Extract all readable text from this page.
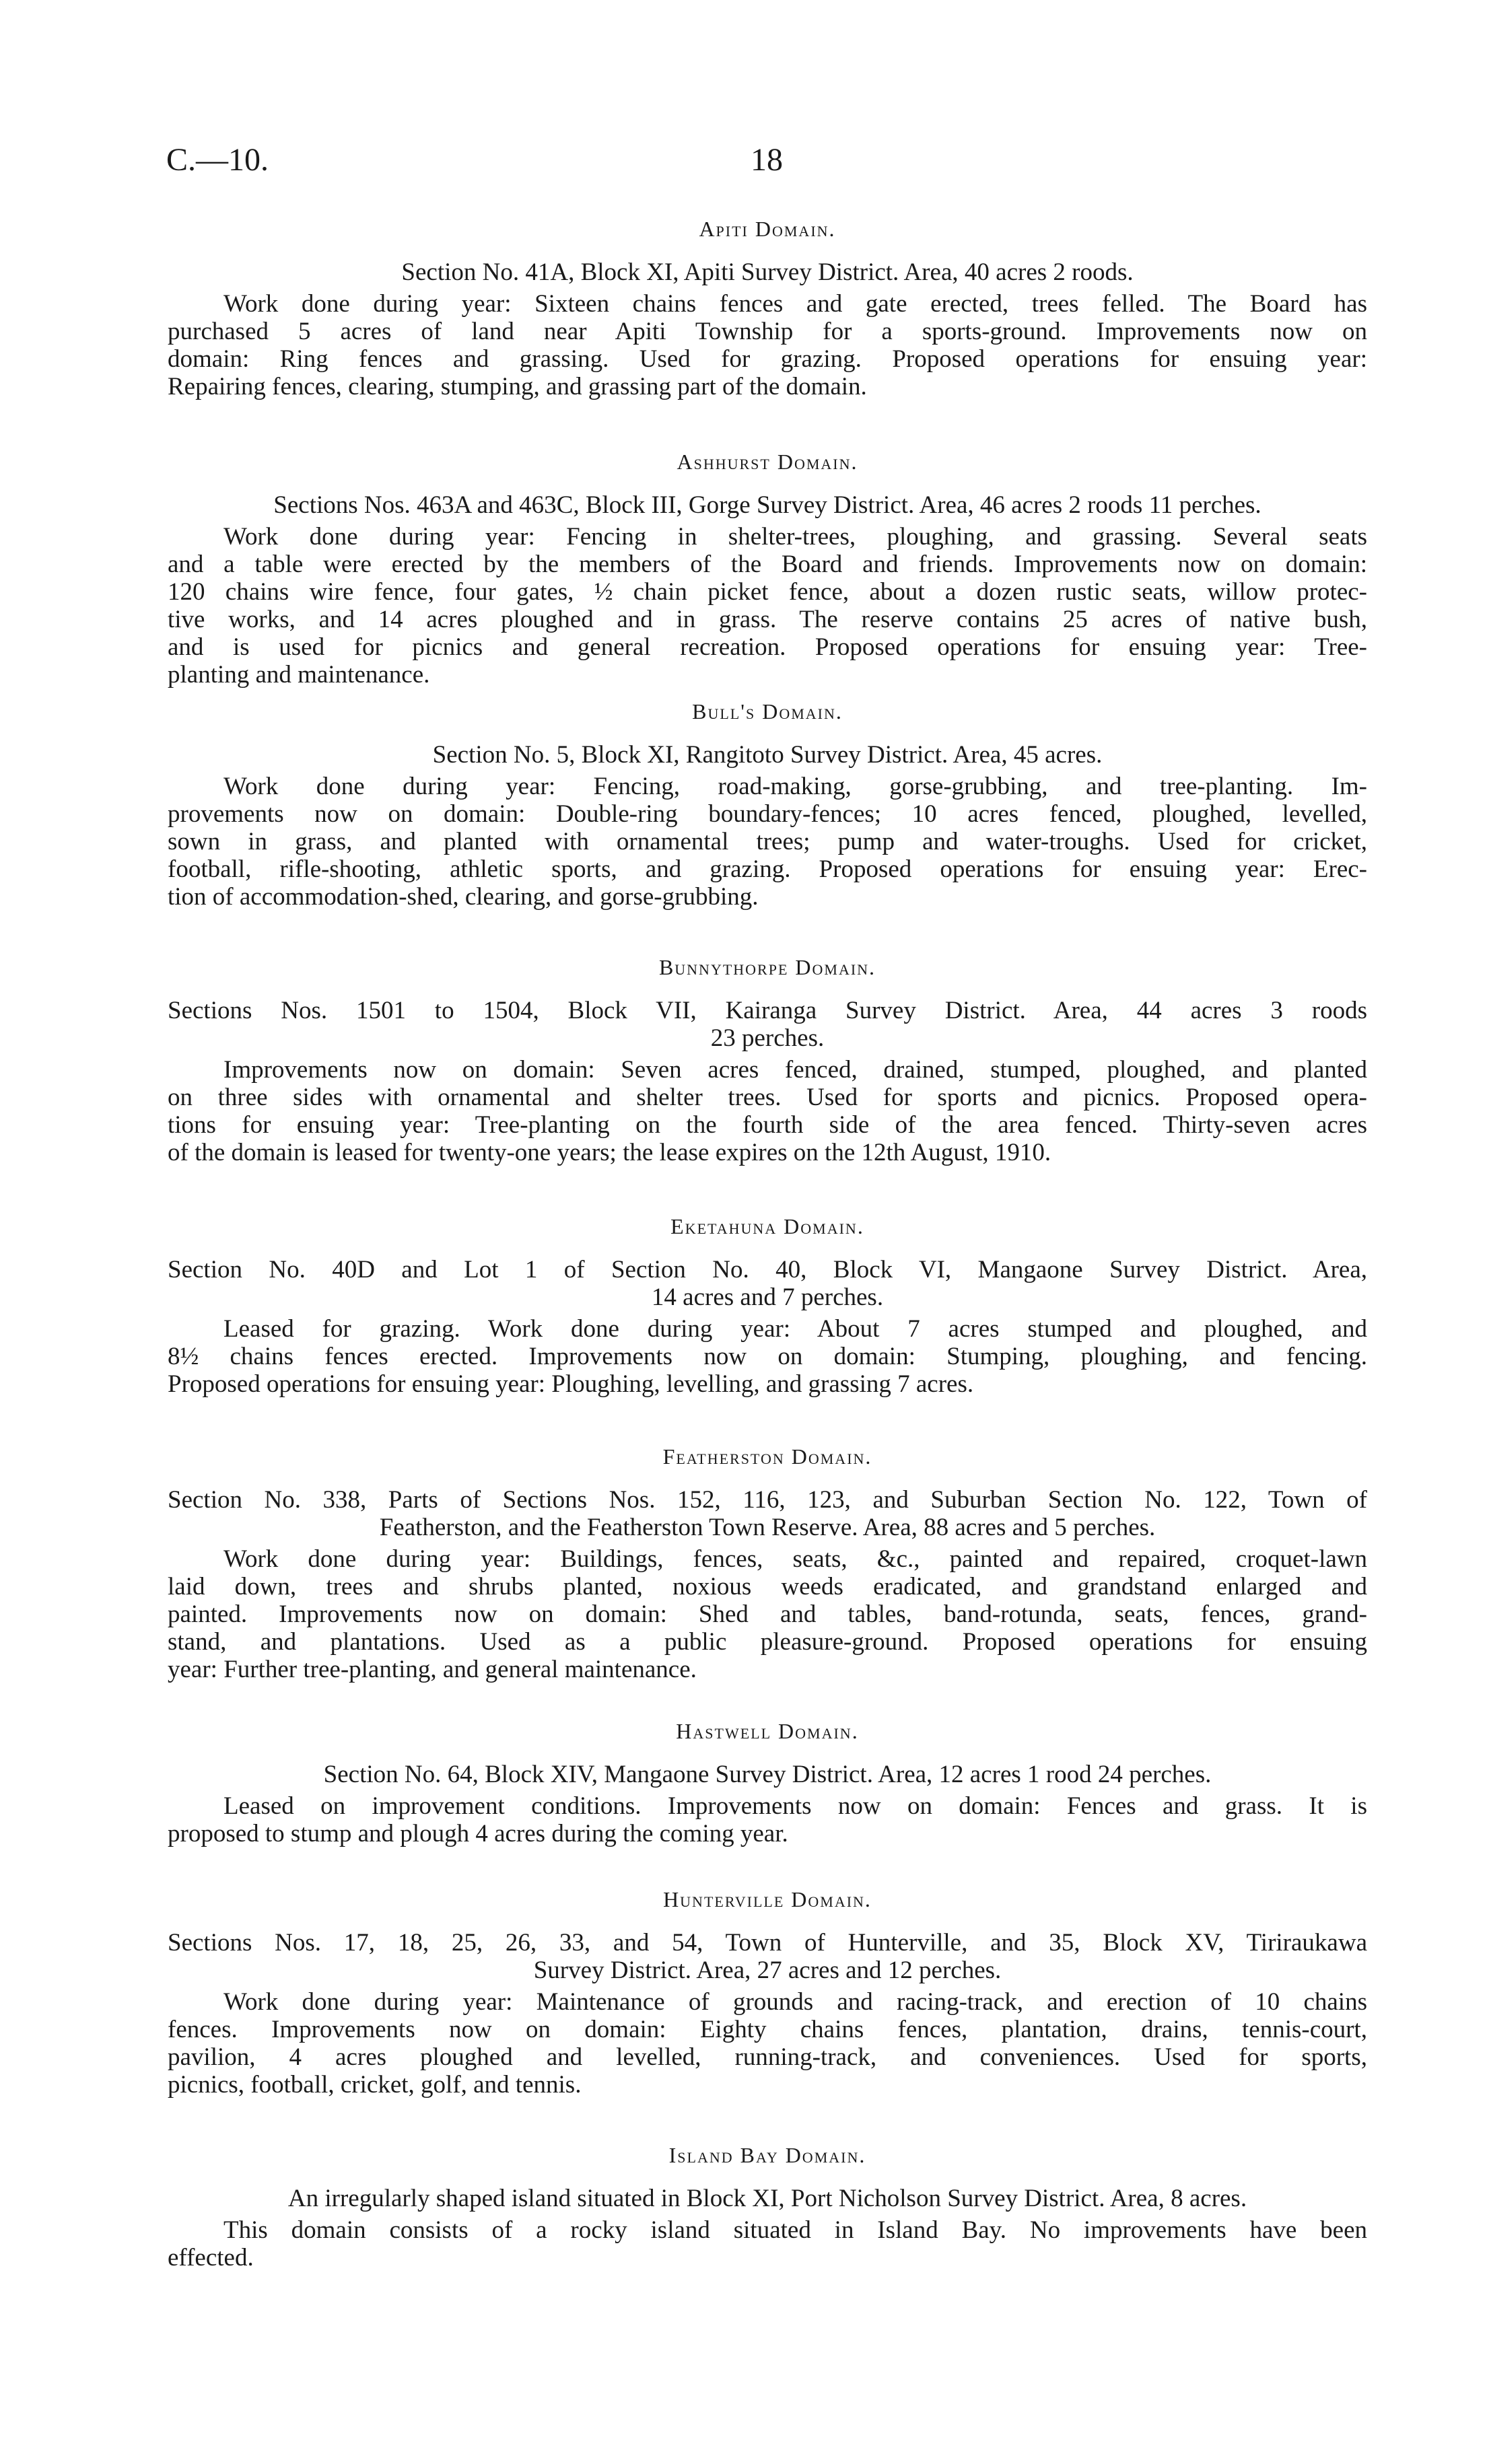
C.—10.	18
Apiti Domain.
Section No. 41A, Block XI, Apiti Survey District. Area, 40 acres 2 roods.
Work done during year: Sixteen chains fences and gate erected, trees felled. The Board has
purchased 5 acres of land near Apiti Township for a sports-ground. Improvements now on
domain: Ring fences and grassing. Used for grazing. Proposed operations for ensuing year:
Repairing fences, clearing, stumping, and grassing part of the domain.
Ashhurst Domain.
Sections Nos. 463A and 463C, Block III, Gorge Survey District. Area, 46 acres 2 roods 11 perches.
Work done during year: Fencing in shelter-trees, ploughing, and grassing. Several seats
and a table were erected by the members of the Board and friends. Improvements now on domain:
120 chains wire fence, four gates, ½ chain picket fence, about a dozen rustic seats, willow protec-
tive works, and 14 acres ploughed and in grass. The reserve contains 25 acres of native bush,
and is used for picnics and general recreation. Proposed operations for ensuing year: Tree-
planting and maintenance.
Bull's Domain.
Section No. 5, Block XI, Rangitoto Survey District. Area, 45 acres.
Work done during year: Fencing, road-making, gorse-grubbing, and tree-planting. Im-
provements now on domain: Double-ring boundary-fences; 10 acres fenced, ploughed, levelled,
sown in grass, and planted with ornamental trees; pump and water-troughs. Used for cricket,
football, rifle-shooting, athletic sports, and grazing. Proposed operations for ensuing year: Erec-
tion of accommodation-shed, clearing, and gorse-grubbing.
Bunnythorpe Domain.
Sections Nos. 1501 to 1504, Block VII, Kairanga Survey District. Area, 44 acres 3 roods
23 perches.
Improvements now on domain: Seven acres fenced, drained, stumped, ploughed, and planted
on three sides with ornamental and shelter trees. Used for sports and picnics. Proposed opera-
tions for ensuing year: Tree-planting on the fourth side of the area fenced. Thirty-seven acres
of the domain is leased for twenty-one years; the lease expires on the 12th August, 1910.
Eketahuna Domain.
Section No. 40D and Lot 1 of Section No. 40, Block VI, Mangaone Survey District. Area,
14 acres and 7 perches.
Leased for grazing. Work done during year: About 7 acres stumped and ploughed, and
8½ chains fences erected. Improvements now on domain: Stumping, ploughing, and fencing.
Proposed operations for ensuing year: Ploughing, levelling, and grassing 7 acres.
Featherston Domain.
Section No. 338, Parts of Sections Nos. 152, 116, 123, and Suburban Section No. 122, Town of
Featherston, and the Featherston Town Reserve. Area, 88 acres and 5 perches.
Work done during year: Buildings, fences, seats, &c., painted and repaired, croquet-lawn
laid down, trees and shrubs planted, noxious weeds eradicated, and grandstand enlarged and
painted. Improvements now on domain: Shed and tables, band-rotunda, seats, fences, grand-
stand, and plantations. Used as a public pleasure-ground. Proposed operations for ensuing
year: Further tree-planting, and general maintenance.
Hastwell Domain.
Section No. 64, Block XIV, Mangaone Survey District. Area, 12 acres 1 rood 24 perches.
Leased on improvement conditions. Improvements now on domain: Fences and grass. It is
proposed to stump and plough 4 acres during the coming year.
Hunterville Domain.
Sections Nos. 17, 18, 25, 26, 33, and 54, Town of Hunterville, and 35, Block XV, Tiriraukawa
Survey District. Area, 27 acres and 12 perches.
Work done during year: Maintenance of grounds and racing-track, and erection of 10 chains
fences. Improvements now on domain: Eighty chains fences, plantation, drains, tennis-court,
pavilion, 4 acres ploughed and levelled, running-track, and conveniences. Used for sports,
picnics, football, cricket, golf, and tennis.
Island Bay Domain.
An irregularly shaped island situated in Block XI, Port Nicholson Survey District. Area, 8 acres.
This domain consists of a rocky island situated in Island Bay. No improvements have been
effected.
